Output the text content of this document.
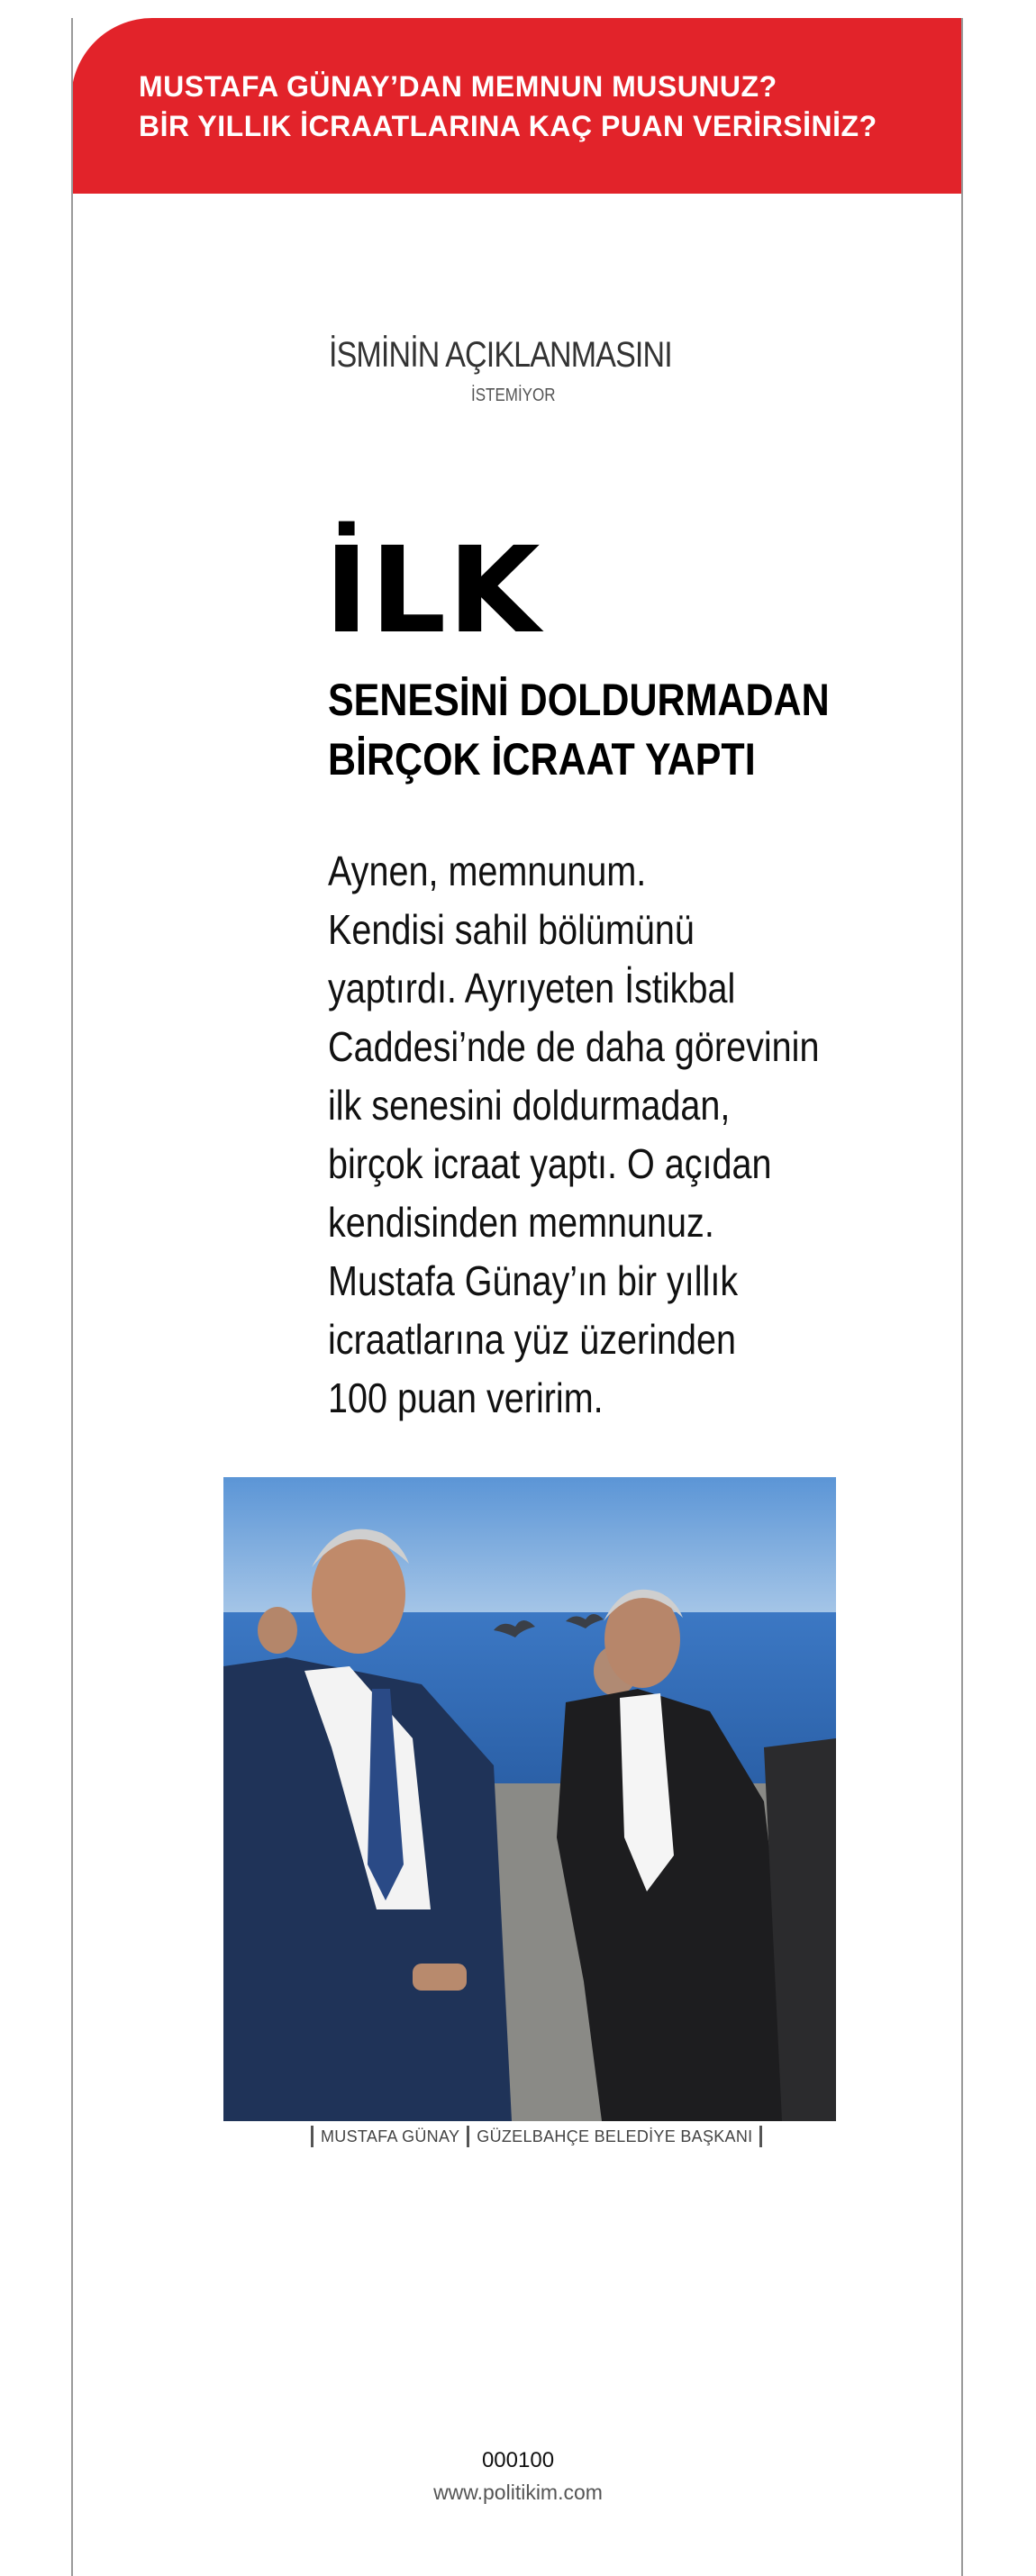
MUSTAFA GÜNAY’DAN MEMNUN MUSUNUZ?
BİR YILLIK İCRAATLARINA KAÇ PUAN VERİRSİNİZ?
İSMİNİN AÇIKLANMASINI
İSTEMİYOR
İLK
SENESİNİ DOLDURMADAN
BİRÇOK İCRAAT YAPTI
Aynen, memnunum.
Kendisi sahil bölümünü
yaptırdı. Ayrıyeten İstikbal
Caddesi’nde de daha görevinin
ilk senesini doldurmadan,
birçok icraat yaptı. O açıdan
kendisinden memnunuz.
Mustafa Günay’ın bir yıllık
icraatlarına yüz üzerinden
100 puan veririm.
MUSTAFA GÜNAY GÜZELBAHÇE BELEDİYE BAŞKANI
000100
www.politikim.com
